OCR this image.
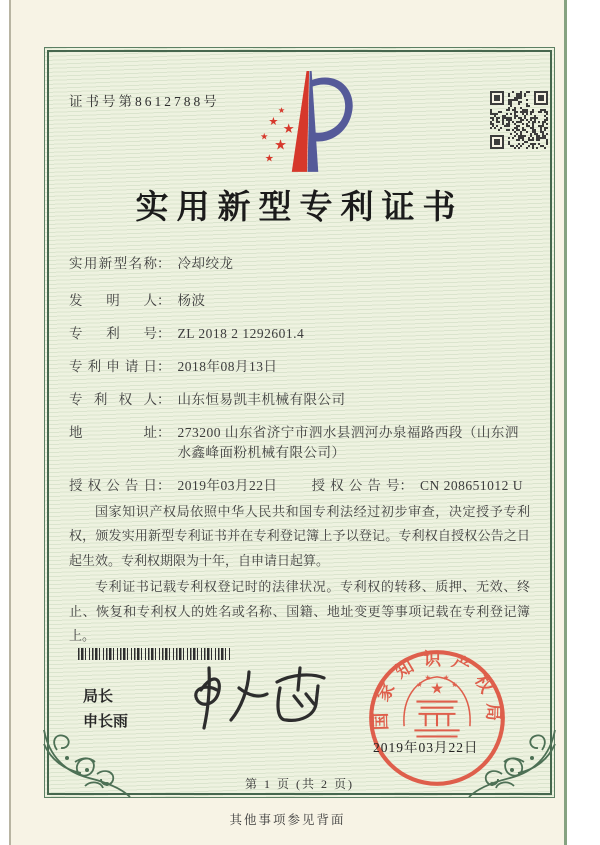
证书号第8612788号
★
★
★
★
★
★
实用新型专利证书
实用新型名称 ： 冷却绞龙
发明人 ： 杨波
专利号 ： ZL 2018 2 1292601.4
专利申请日 ： 2018年08月13日
专利权人 ： 山东恒易凯丰机械有限公司
地址 ： 273200 山东省济宁市泗水县泗河办泉福路西段（山东泗水鑫峰面粉机械有限公司）
授权公告日 ： 2019年03月22日	授权公告号 ： CN 208651012 U

国家知识产权局依照中华人民共和国专利法经过初步审查，决定授予专利权，颁发实用新型专利证书并在专利登记簿上予以登记。专利权自授权公告之日起生效。专利权期限为十年，自申请日起算。

专利证书记载专利权登记时的法律状况。专利权的转移、质押、无效、终止、恢复和专利权人的姓名或名称、国籍、地址变更等事项记载在专利登记簿上。

局长
申长雨	国家知识产权局
★
★
★ ★
★
2019年03月22日
第 1 页 (共 2 页)
其他事项参见背面
